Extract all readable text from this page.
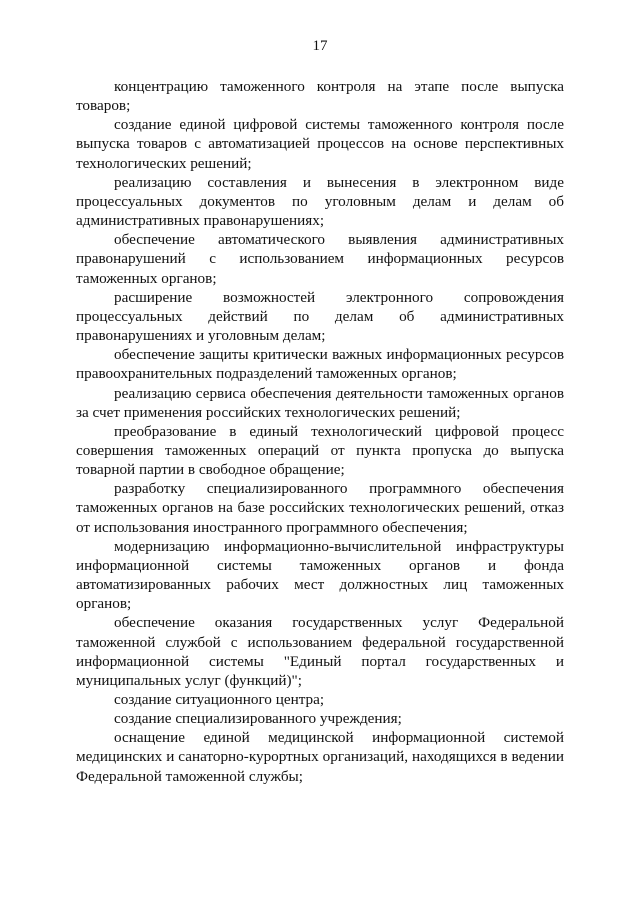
17

концентрацию таможенного контроля на этапе после выпуска товаров;

создание единой цифровой системы таможенного контроля после выпуска товаров с автоматизацией процессов на основе перспективных технологических решений;

реализацию составления и вынесения в электронном виде процессуальных документов по уголовным делам и делам об административных правонарушениях;

обеспечение автоматического выявления административных правонарушений с использованием информационных ресурсов таможенных органов;

расширение возможностей электронного сопровождения процессуальных действий по делам об административных правонарушениях и уголовным делам;

обеспечение защиты критически важных информационных ресурсов правоохранительных подразделений таможенных органов;

реализацию сервиса обеспечения деятельности таможенных органов за счет применения российских технологических решений;

преобразование в единый технологический цифровой процесс совершения таможенных операций от пункта пропуска до выпуска товарной партии в свободное обращение;

разработку специализированного программного обеспечения таможенных органов на базе российских технологических решений, отказ от использования иностранного программного обеспечения;

модернизацию информационно-вычислительной инфраструктуры информационной системы таможенных органов и фонда автоматизированных рабочих мест должностных лиц таможенных органов;

обеспечение оказания государственных услуг Федеральной таможенной службой с использованием федеральной государственной информационной системы "Единый портал государственных и муниципальных услуг (функций)";

создание ситуационного центра;

создание специализированного учреждения;

оснащение единой медицинской информационной системой медицинских и санаторно-курортных организаций, находящихся в ведении Федеральной таможенной службы;
